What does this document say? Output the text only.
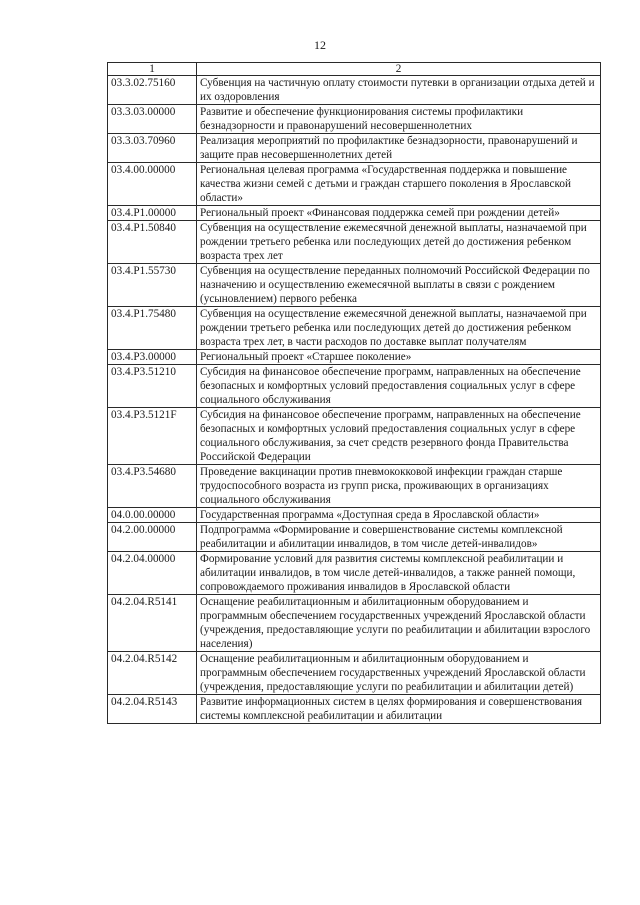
12
1	2
03.3.02.75160	Субвенция на частичную оплату стоимости путевки в организации отдыха детей и их оздоровления
03.3.03.00000	Развитие и обеспечение функционирования системы профилактики безнадзорности и правонарушений несовершеннолетних
03.3.03.70960	Реализация мероприятий по профилактике безнадзорности, правонарушений и защите прав несовершеннолетних детей
03.4.00.00000	Региональная целевая программа «Государственная поддержка и повышение качества жизни семей с детьми и граждан старшего поколения в Ярославской области»
03.4.P1.00000	Региональный проект «Финансовая поддержка семей при рождении детей»
03.4.P1.50840	Субвенция на осуществление ежемесячной денежной выплаты, назначаемой при рождении третьего ребенка или последующих детей до достижения ребенком возраста трех лет
03.4.P1.55730	Субвенция на осуществление переданных полномочий Российской Федерации по назначению и осуществлению ежемесячной выплаты в связи с рождением (усыновлением) первого ребенка
03.4.P1.75480	Субвенция на осуществление ежемесячной денежной выплаты, назначаемой при рождении третьего ребенка или последующих детей до достижения ребенком возраста трех лет, в части расходов по доставке выплат получателям
03.4.P3.00000	Региональный проект «Старшее поколение»
03.4.P3.51210	Субсидия на финансовое обеспечение программ, направленных на обеспечение безопасных и комфортных условий предоставления социальных услуг в сфере социального обслуживания
03.4.P3.5121F	Субсидия на финансовое обеспечение программ, направленных на обеспечение безопасных и комфортных условий предоставления социальных услуг в сфере социального обслуживания, за счет средств резервного фонда Правительства Российской Федерации
03.4.P3.54680	Проведение вакцинации против пневмококковой инфекции граждан старше трудоспособного возраста из групп риска, проживающих в организациях социального обслуживания
04.0.00.00000	Государственная программа «Доступная среда в Ярославской области»
04.2.00.00000	Подпрограмма «Формирование и совершенствование системы комплексной реабилитации и абилитации инвалидов, в том числе детей-инвалидов»
04.2.04.00000	Формирование условий для развития системы комплексной реабилитации и абилитации инвалидов, в том числе детей-инвалидов, а также ранней помощи, сопровождаемого проживания инвалидов в Ярославской области
04.2.04.R5141	Оснащение реабилитационным и абилитационным оборудованием и программным обеспечением государственных учреждений Ярославской области (учреждения, предоставляющие услуги по реабилитации и абилитации взрослого населения)
04.2.04.R5142	Оснащение реабилитационным и абилитационным оборудованием и программным обеспечением государственных учреждений Ярославской области (учреждения, предоставляющие услуги по реабилитации и абилитации детей)
04.2.04.R5143	Развитие информационных систем в целях формирования и совершенствования системы комплексной реабилитации и абилитации
